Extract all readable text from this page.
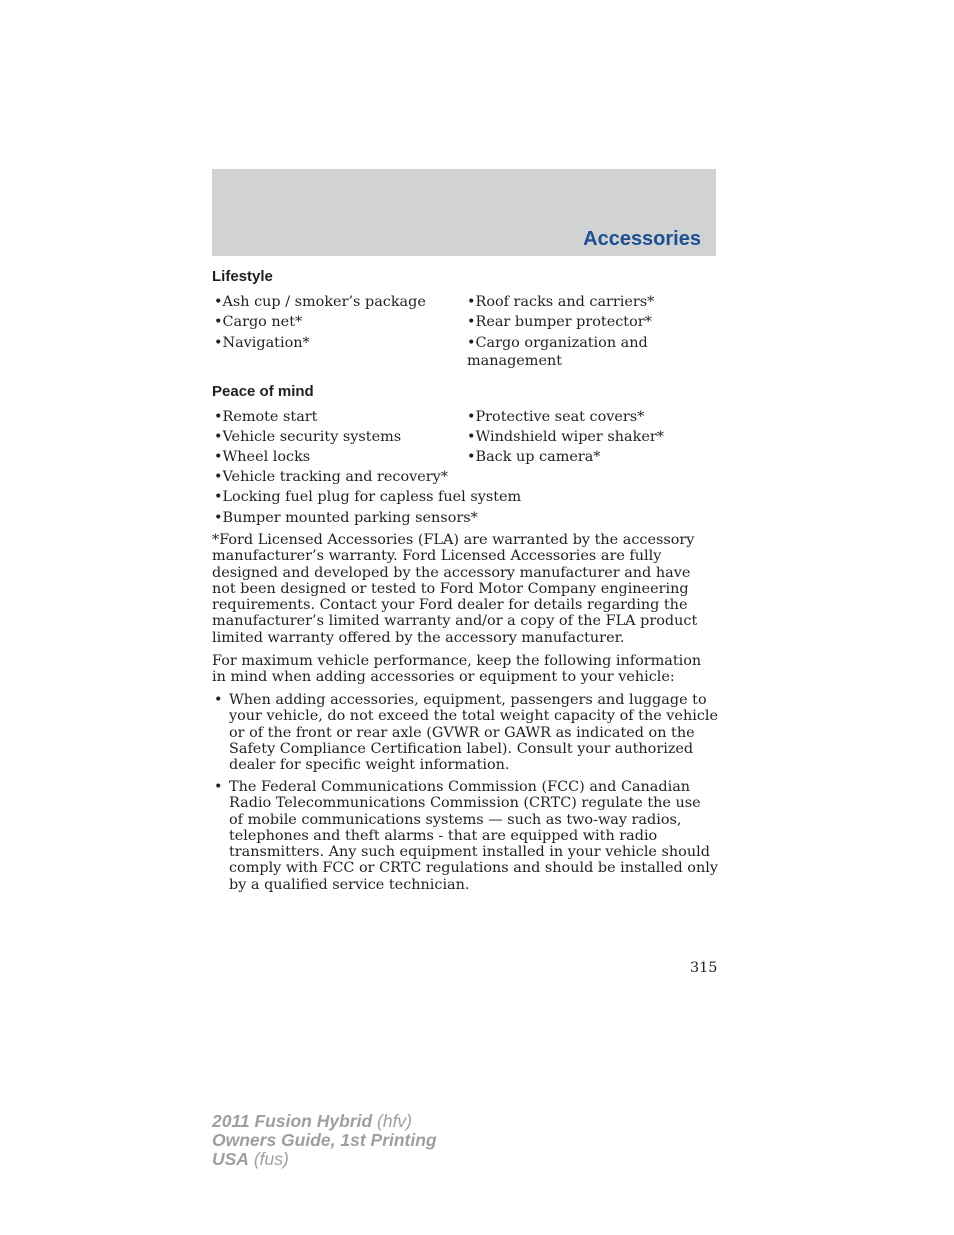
Accessories
Lifestyle
•Ash cup / smoker’s package
•Cargo net*
•Navigation*
•Roof racks and carriers*
•Rear bumper protector*
•Cargo organization and management
Peace of mind
•Remote start
•Vehicle security systems
•Wheel locks
•Vehicle tracking and recovery*
•Locking fuel plug for capless fuel system
•Bumper mounted parking sensors*
•Protective seat covers*
•Windshield wiper shaker*
•Back up camera*
*Ford Licensed Accessories (FLA) are warranted by the accessory manufacturer’s warranty. Ford Licensed Accessories are fully designed and developed by the accessory manufacturer and have not been designed or tested to Ford Motor Company engineering requirements. Contact your Ford dealer for details regarding the manufacturer’s limited warranty and/or a copy of the FLA product limited warranty offered by the accessory manufacturer.
For maximum vehicle performance, keep the following information in mind when adding accessories or equipment to your vehicle:
• When adding accessories, equipment, passengers and luggage to your vehicle, do not exceed the total weight capacity of the vehicle or of the front or rear axle (GVWR or GAWR as indicated on the Safety Compliance Certification label). Consult your authorized dealer for specific weight information.
• The Federal Communications Commission (FCC) and Canadian Radio Telecommunications Commission (CRTC) regulate the use of mobile communications systems — such as two-way radios, telephones and theft alarms - that are equipped with radio transmitters. Any such equipment installed in your vehicle should comply with FCC or CRTC regulations and should be installed only by a qualified service technician.
315
2011 Fusion Hybrid (hfv)
Owners Guide, 1st Printing
USA (fus)
